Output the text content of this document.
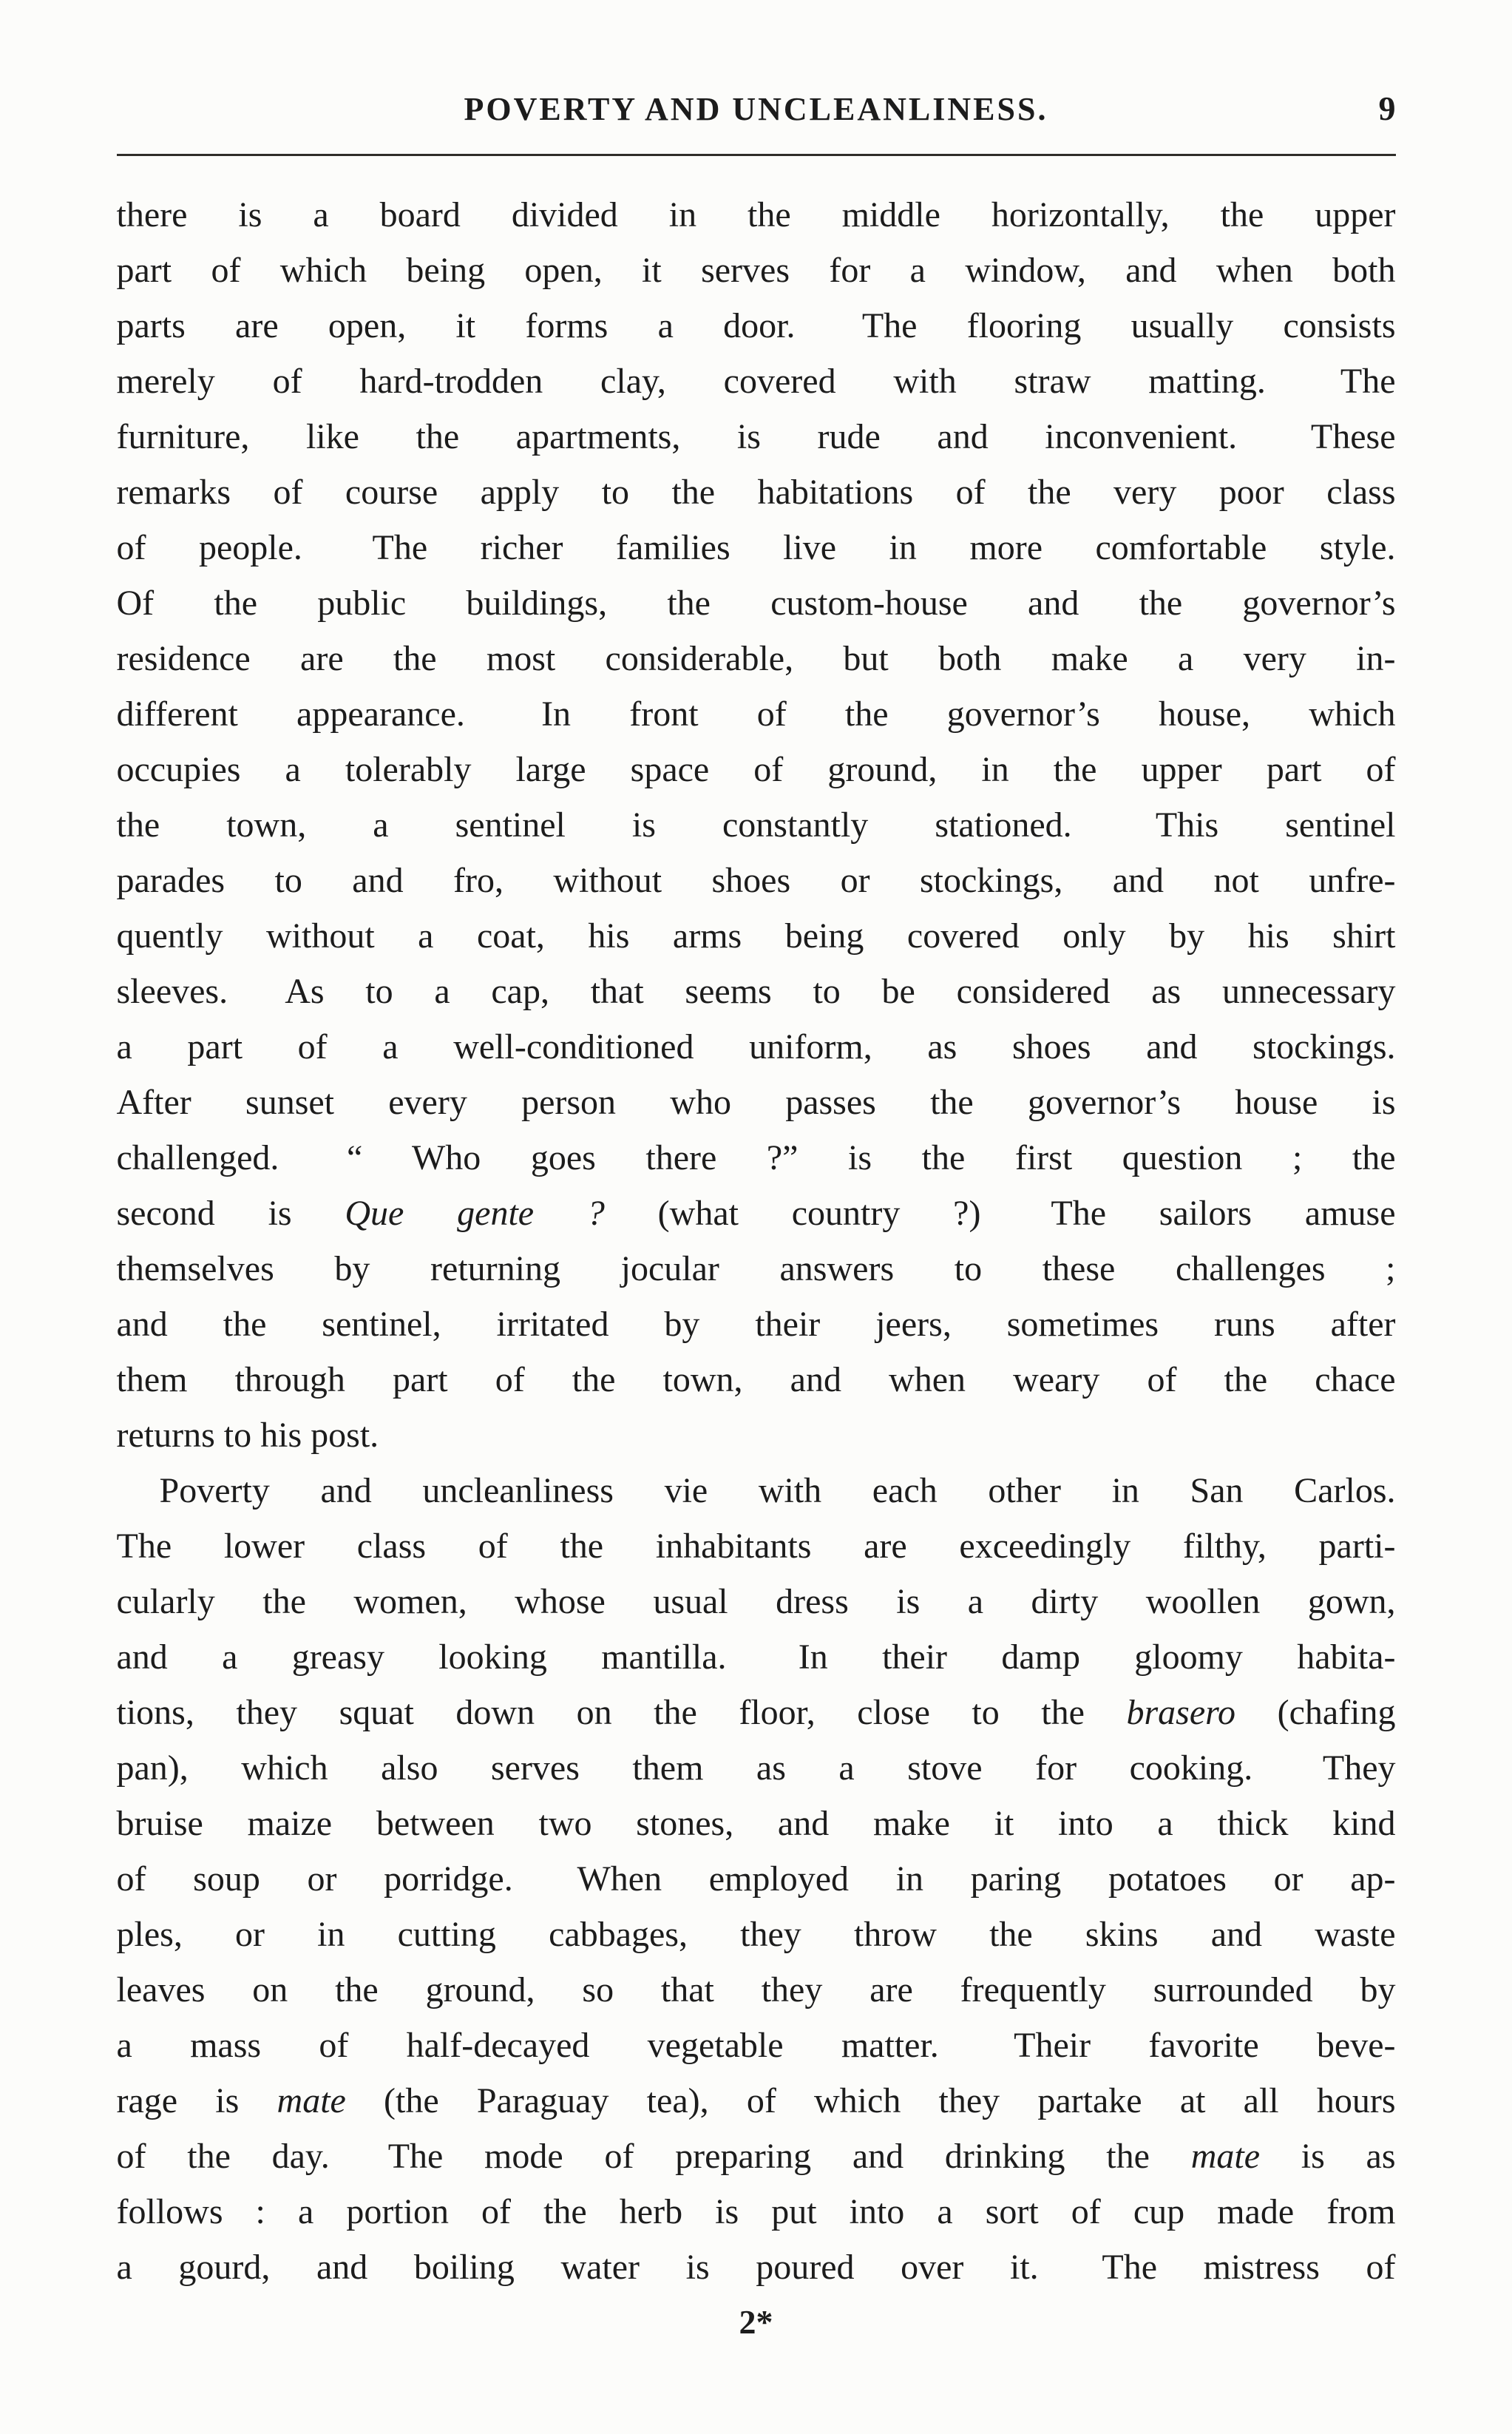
POVERTY AND UNCLEANLINESS.	9
there is a board divided in the middle horizontally, the upper
part of which being open, it serves for a window, and when both
parts are open, it forms a door.  The flooring usually consists
merely of hard-trodden clay, covered with straw matting.  The
furniture, like the apartments, is rude and inconvenient.  These
remarks of course apply to the habitations of the very poor class
of people.  The richer families live in more comfortable style.
Of the public buildings, the custom-house and the governor’s
residence are the most considerable, but both make a very in-
different appearance.  In front of the governor’s house, which
occupies a tolerably large space of ground, in the upper part of
the town, a sentinel is constantly stationed.  This sentinel
parades to and fro, without shoes or stockings, and not unfre-
quently without a coat, his arms being covered only by his shirt
sleeves.  As to a cap, that seems to be considered as unnecessary
a part of a well-conditioned uniform, as shoes and stockings.
After sunset every person who passes the governor’s house is
challenged.  “ Who goes there ?” is the first question ; the
second is Que gente ? (what country ?)  The sailors amuse
themselves by returning jocular answers to these challenges ;
and the sentinel, irritated by their jeers, sometimes runs after
them through part of the town, and when weary of the chace
returns to his post.
Poverty and uncleanliness vie with each other in San Carlos.
The lower class of the inhabitants are exceedingly filthy, parti-
cularly the women, whose usual dress is a dirty woollen gown,
and a greasy looking mantilla.  In their damp gloomy habita-
tions, they squat down on the floor, close to the brasero (chafing
pan), which also serves them as a stove for cooking.  They
bruise maize between two stones, and make it into a thick kind
of soup or porridge.  When employed in paring potatoes or ap-
ples, or in cutting cabbages, they throw the skins and waste
leaves on the ground, so that they are frequently surrounded by
a mass of half-decayed vegetable matter.  Their favorite beve-
rage is mate (the Paraguay tea), of which they partake at all hours
of the day.  The mode of preparing and drinking the mate is as
follows : a portion of the herb is put into a sort of cup made from
a gourd, and boiling water is poured over it.  The mistress of
2*
